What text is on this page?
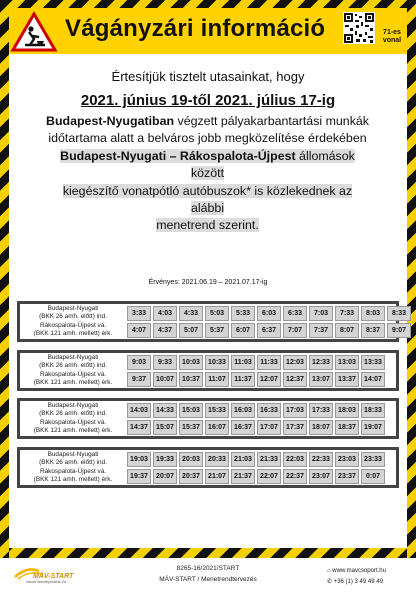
Vágányzári információ	71-es
vonal
Értesítjük tisztelt utasainkat, hogy
2021. június 19-től 2021. július 17-ig
Budapest-Nyugatiban végzett pályakarbantartási munkák
időtartama alatt a belváros jobb megközelítése érdekében
Budapest-Nyugati – Rákospalota-Újpest állomások között
kiegészítő vonatpótló autóbuszok* is közlekednek az alábbi
menetrend szerint.
Érvényes: 2021.06.19 – 2021.07.17-ig
Budapest-Nyugati
(BKK 26 amh. előtt) ind.	3:33	4:03	4:33	5:03	5:33	6:03	6:33	7:03	7:33	8:03	8:33
Rákospalota-Újpest vá.
(BKK 121 amh. mellett) érk.	4:07	4:37	5:07	5:37	6:07	6:37	7:07	7:37	8:07	8:37	9:07
Budapest-Nyugati
(BKK 26 amh. előtt) ind.	9:03	9:33	10:03	10:33	11:03	11:33	12:03	12:33	13:03	13:33
Rákospalota-Újpest vá.
(BKK 121 amh. mellett) érk.	9:37	10:07	10:37	11:07	11:37	12:07	12:37	13:07	13:37	14:07
Budapest-Nyugati
(BKK 26 amh. előtt) ind.	14:03	14:33	15:03	15:33	16:03	16:33	17:03	17:33	18:03	18:33
Rákospalota-Újpest vá.
(BKK 121 amh. mellett) érk.	14:37	15:07	15:37	16:07	16:37	17:07	17:37	18:07	18:37	19:07
Budapest-Nyugati
(BKK 26 amh. előtt) ind.	19:03	19:33	20:03	20:33	21:03	21:33	22:03	22:33	23:03	23:33
Rákospalota-Újpest vá.
(BKK 121 amh. mellett) érk.	19:37	20:07	20:37	21:07	21:37	22:07	22:37	23:07	23:37	0:07
MÁV-START
Vasúti Személyszállító Zrt.
8265-16/2021/START
MÁV-START / Menetrendtervezés
⌂ www.mavcsoport.hu
✆ +36 (1) 3 49 49 49
